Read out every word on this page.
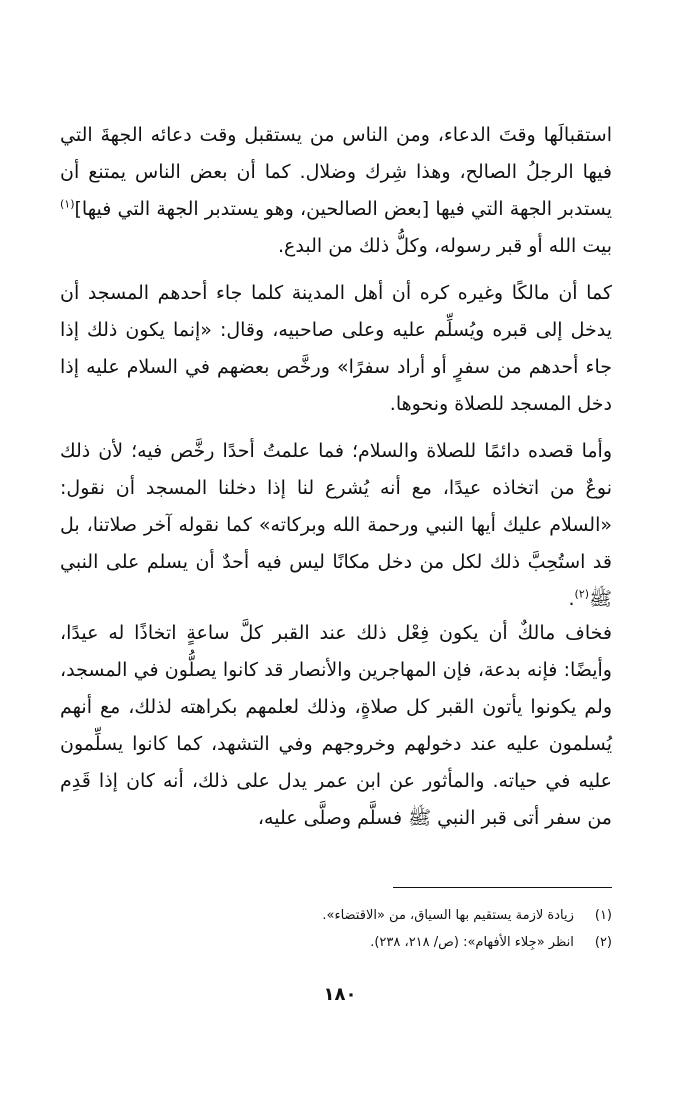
استقبالَها وقتَ الدعاء، ومن الناس من يستقبل وقت دعائه الجهةَ التي فيها الرجلُ الصالح، وهذا شِرك وضلال. كما أن بعض الناس يمتنع أن يستدبر الجهة التي فيها [بعض الصالحين، وهو يستدبر الجهة التي فيها]$^{(١)}$ بيت الله أو قبر رسوله، وكلُّ ذلك من البدع.

كما أن مالكًا وغيره كره أن أهل المدينة كلما جاء أحدهم المسجد أن يدخل إلى قبره ويُسلِّم عليه وعلى صاحبيه، وقال: «إنما يكون ذلك إذا جاء أحدهم من سفرٍ أو أراد سفرًا» ورخَّص بعضهم في السلام عليه إذا دخل المسجد للصلاة ونحوها.

وأما قصده دائمًا للصلاة والسلام؛ فما علمتُ أحدًا رخَّص فيه؛ لأن ذلك نوعٌ من اتخاذه عيدًا، مع أنه يُشرع لنا إذا دخلنا المسجد أن نقول: «السلام عليك أيها النبي ورحمة الله وبركاته» كما نقوله آخر صلاتنا، بل قد استُحِبَّ ذلك لكل من دخل مكانًا ليس فيه أحدٌ أن يسلم على النبي ﷺ$^{(٢)}$.

فخاف مالكٌ أن يكون فِعْل ذلك عند القبر كلَّ ساعةٍ اتخاذًا له عيدًا، وأيضًا: فإنه بدعة، فإن المهاجرين والأنصار قد كانوا يصلُّون في المسجد، ولم يكونوا يأتون القبر كل صلاةٍ، وذلك لعلمهم بكراهته لذلك، مع أنهم يُسلمون عليه عند دخولهم وخروجهم وفي التشهد، كما كانوا يسلِّمون عليه في حياته. والمأثور عن ابن عمر يدل على ذلك، أنه كان إذا قَدِم من سفر أتى قبر النبي ﷺ فسلَّم وصلَّى عليه،

(١) زيادة لازمة يستقيم بها السياق، من «الاقتضاء».
(٢) انظر «جِلاء الأفهام»: (ص/ ٢١٨، ٢٣٨).
١٨٠
